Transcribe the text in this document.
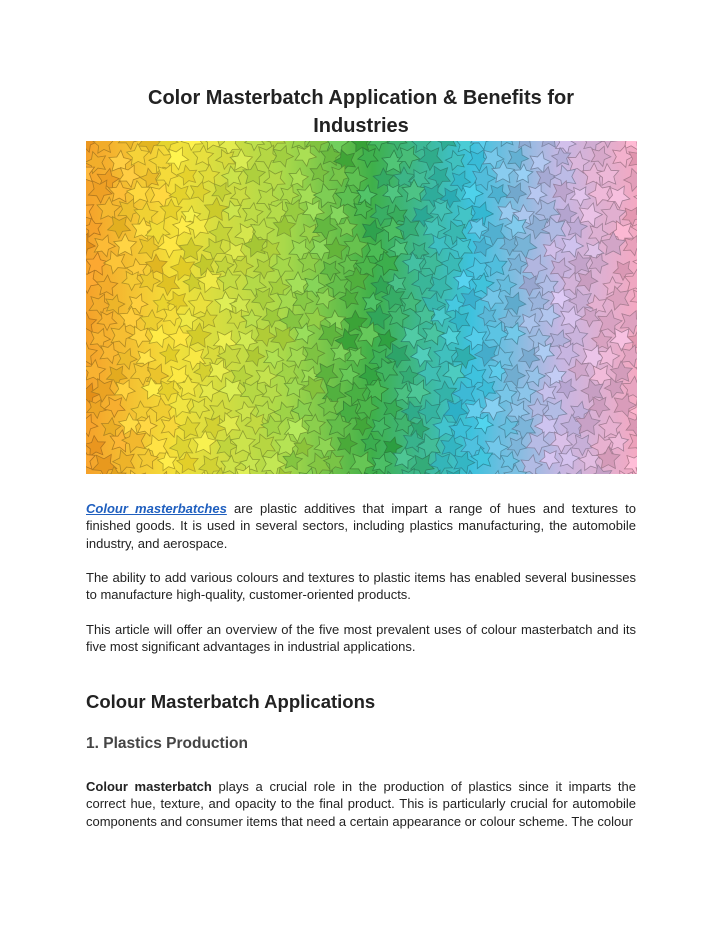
Color Masterbatch Application & Benefits for
Industries

Colour masterbatches are plastic additives that impart a range of hues and textures to finished goods. It is used in several sectors, including plastics manufacturing, the automobile industry, and aerospace.

The ability to add various colours and textures to plastic items has enabled several businesses to manufacture high-quality, customer-oriented products.

This article will offer an overview of the five most prevalent uses of colour masterbatch and its five most significant advantages in industrial applications.

Colour Masterbatch Applications
1. Plastics Production

Colour masterbatch plays a crucial role in the production of plastics since it imparts the correct hue, texture, and opacity to the final product. This is particularly crucial for automobile components and consumer items that need a certain appearance or colour scheme. The colour
